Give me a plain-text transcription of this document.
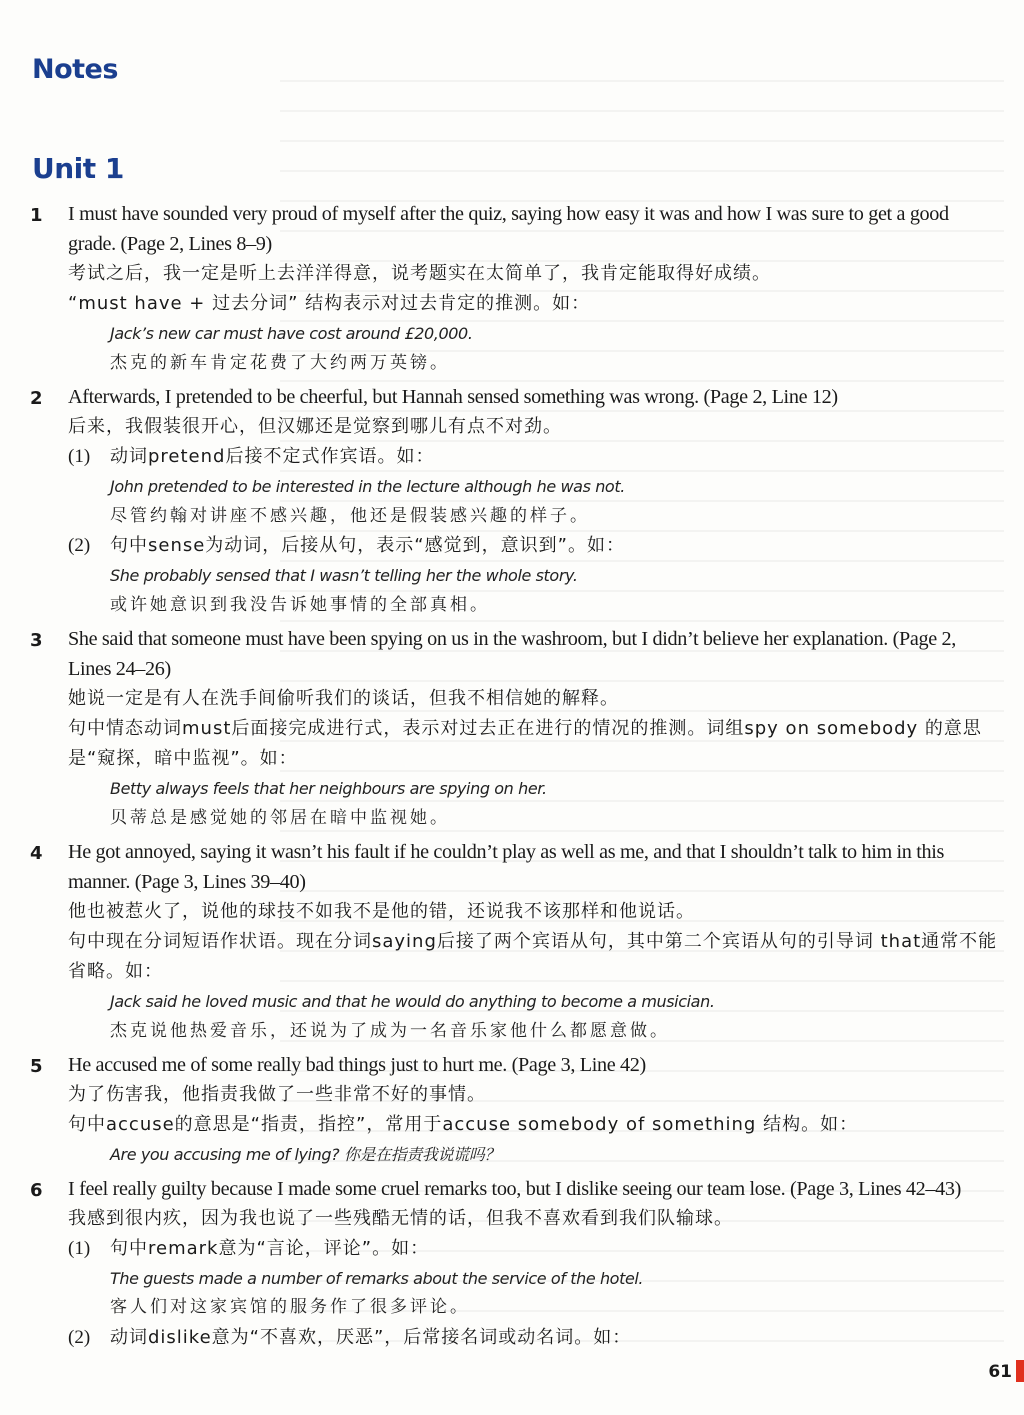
Notes
Unit 1
1 I must have sounded very proud of myself after the quiz, saying how easy it was and how I was sure to get a good grade. (Page 2, Lines 8–9)
考试之后，我一定是听上去洋洋得意，说考题实在太简单了，我肯定能取得好成绩。
“must have + 过去分词” 结构表示对过去肯定的推测。如：
Jack’s new car must have cost around £20,000.
杰克的新车肯定花费了大约两万英镑。
2 Afterwards, I pretended to be cheerful, but Hannah sensed something was wrong. (Page 2, Line 12)
后来，我假装很开心，但汉娜还是觉察到哪儿有点不对劲。
(1) 动词pretend后接不定式作宾语。如：
John pretended to be interested in the lecture although he was not.
尽管约翰对讲座不感兴趣，他还是假装感兴趣的样子。
(2) 句中sense为动词，后接从句，表示“感觉到，意识到”。如：
She probably sensed that I wasn’t telling her the whole story.
或许她意识到我没告诉她事情的全部真相。
3 She said that someone must have been spying on us in the washroom, but I didn’t believe her explanation. (Page 2, Lines 24–26)
她说一定是有人在洗手间偷听我们的谈话，但我不相信她的解释。
句中情态动词must后面接完成进行式，表示对过去正在进行的情况的推测。词组spy on somebody 的意思是“窥探，暗中监视”。如：
Betty always feels that her neighbours are spying on her.
贝蒂总是感觉她的邻居在暗中监视她。
4 He got annoyed, saying it wasn’t his fault if he couldn’t play as well as me, and that I shouldn’t talk to him in this manner. (Page 3, Lines 39–40)
他也被惹火了，说他的球技不如我不是他的错，还说我不该那样和他说话。
句中现在分词短语作状语。现在分词saying后接了两个宾语从句，其中第二个宾语从句的引导词 that通常不能省略。如：
Jack said he loved music and that he would do anything to become a musician.
杰克说他热爱音乐，还说为了成为一名音乐家他什么都愿意做。
5 He accused me of some really bad things just to hurt me. (Page 3, Line 42)
为了伤害我，他指责我做了一些非常不好的事情。
句中accuse的意思是“指责，指控”，常用于accuse somebody of something 结构。如：
Are you accusing me of lying? 你是在指责我说谎吗？
6 I feel really guilty because I made some cruel remarks too, but I dislike seeing our team lose. (Page 3, Lines 42–43)
我感到很内疚，因为我也说了一些残酷无情的话，但我不喜欢看到我们队输球。
(1) 句中remark意为“言论，评论”。如：
The guests made a number of remarks about the service of the hotel.
客人们对这家宾馆的服务作了很多评论。
(2) 动词dislike意为“不喜欢，厌恶”，后常接名词或动名词。如：
61
